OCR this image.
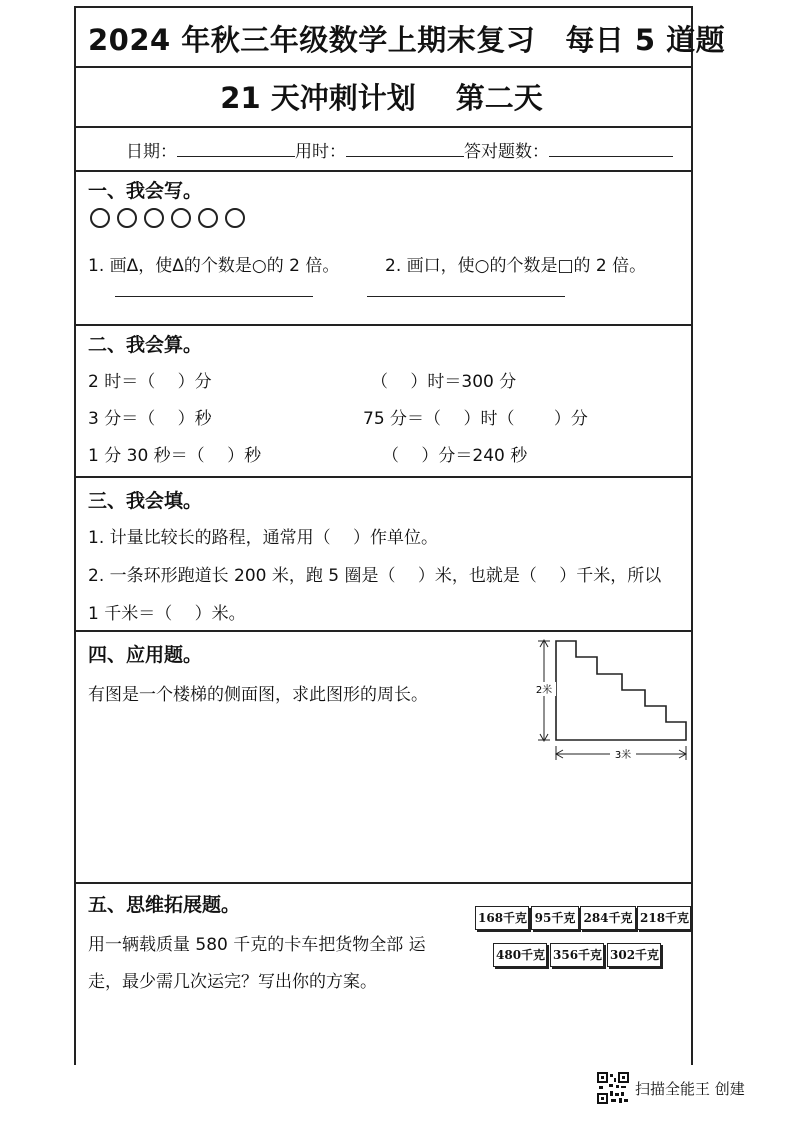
2024 年秋三年级数学上期末复习 每日 5 道题
21 天冲刺计划 第二天
日期：	用时：	答对题数：
一、我会写。
1. 画Δ，使Δ的个数是○的 2 倍。	2. 画口，使○的个数是□的 2 倍。
二、我会算。
2 时＝（　 ）分	（　 ）时＝300 分
3 分＝（　 ）秒	75 分＝（　 ）时（　 　）分
1 分 30 秒＝（　 ）秒	（　 ）分＝240 秒
三、我会填。
1. 计量比较长的路程，通常用（　 ）作单位。
2. 一条环形跑道长 200 米，跑 5 圈是（　 ）米，也就是（　 ）千米，所以
1 千米＝（　 ）米。
四、应用题。
有图是一个楼梯的侧面图，求此图形的周长。	2米
3米
五、思维拓展题。
用一辆载质量 580 千克的卡车把货物全部 运
走，最少需几次运完？写出你的方案。
168千克 95千克 284千克 218千克
480千克 356千克 302千克
扫描全能王 创建
